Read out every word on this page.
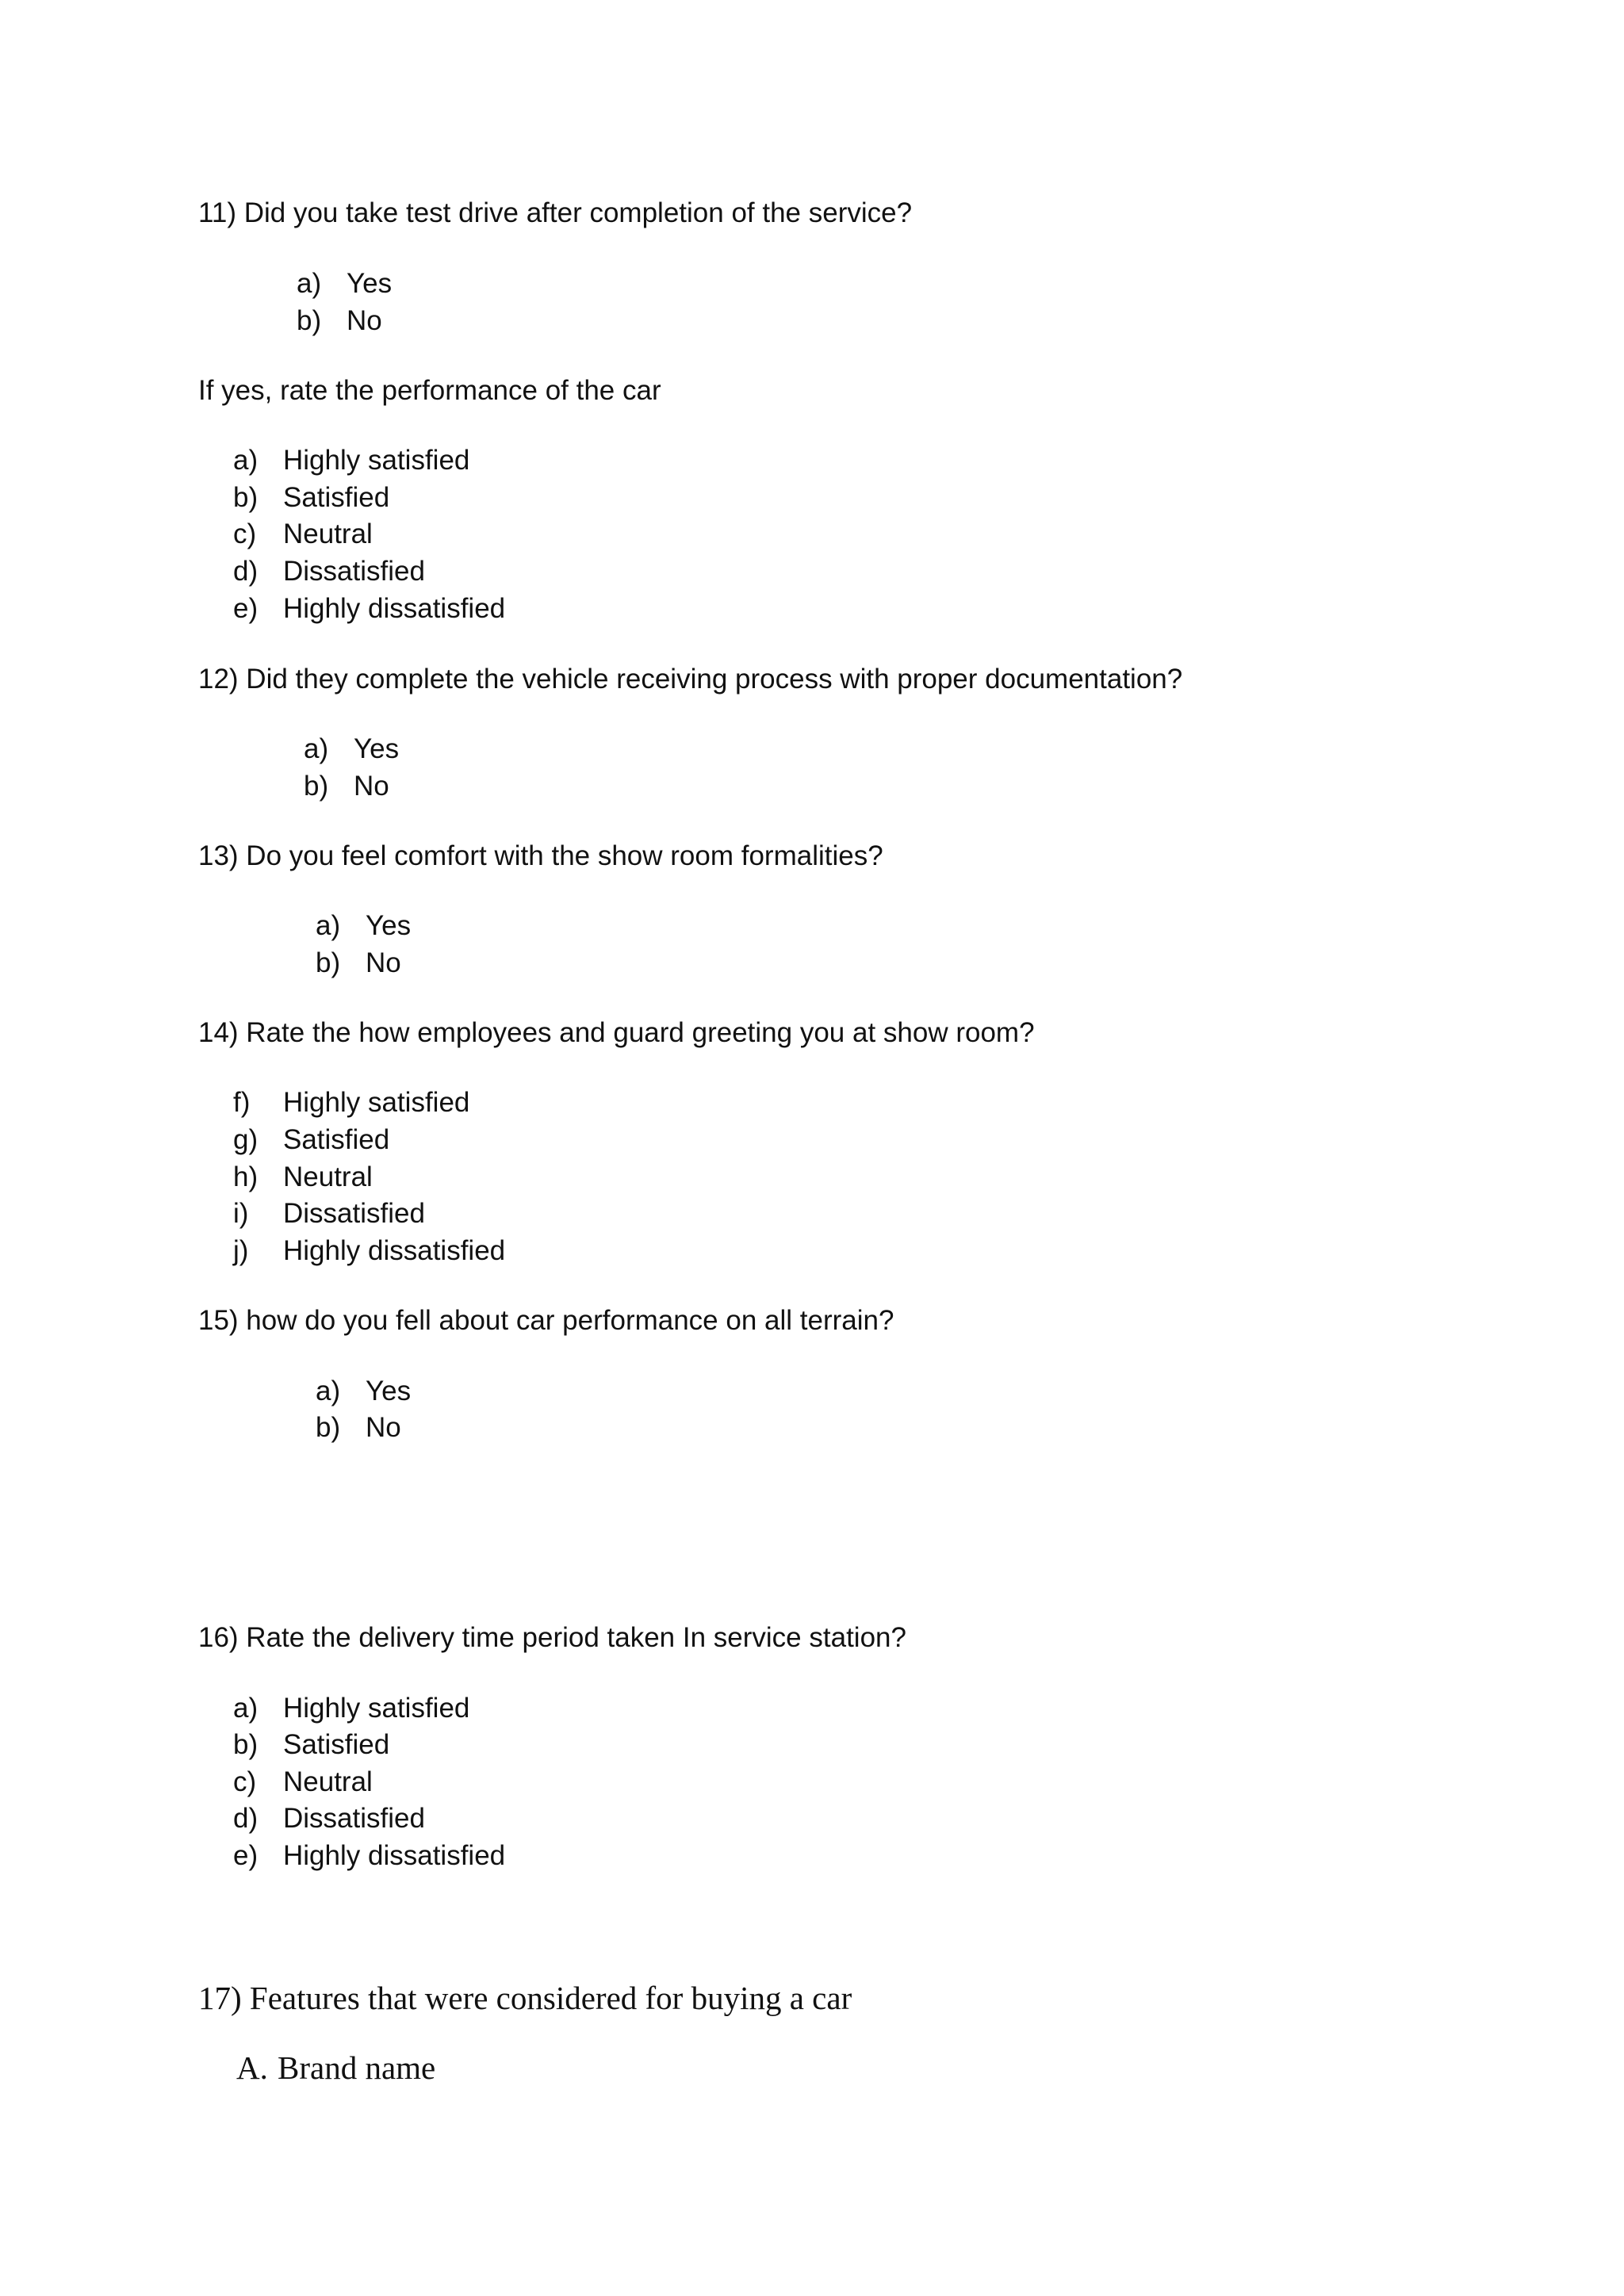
11) Did you take test drive after completion of the service?
a) Yes
b) No
If yes, rate the performance of the car
a) Highly satisfied
b) Satisfied
c) Neutral
d) Dissatisfied
e) Highly dissatisfied
12) Did they complete the vehicle receiving process with proper documentation?
a) Yes
b) No
13) Do you feel comfort with the show room formalities?
a) Yes
b) No
14) Rate the how employees and guard greeting you at show room?
f) Highly satisfied
g) Satisfied
h) Neutral
i) Dissatisfied
j) Highly dissatisfied
15) how do you fell about car performance on all terrain?
a) Yes
b) No
16) Rate the delivery time period taken In service station?
a) Highly satisfied
b) Satisfied
c) Neutral
d) Dissatisfied
e) Highly dissatisfied
17) Features that were considered for buying a car
A. Brand name
